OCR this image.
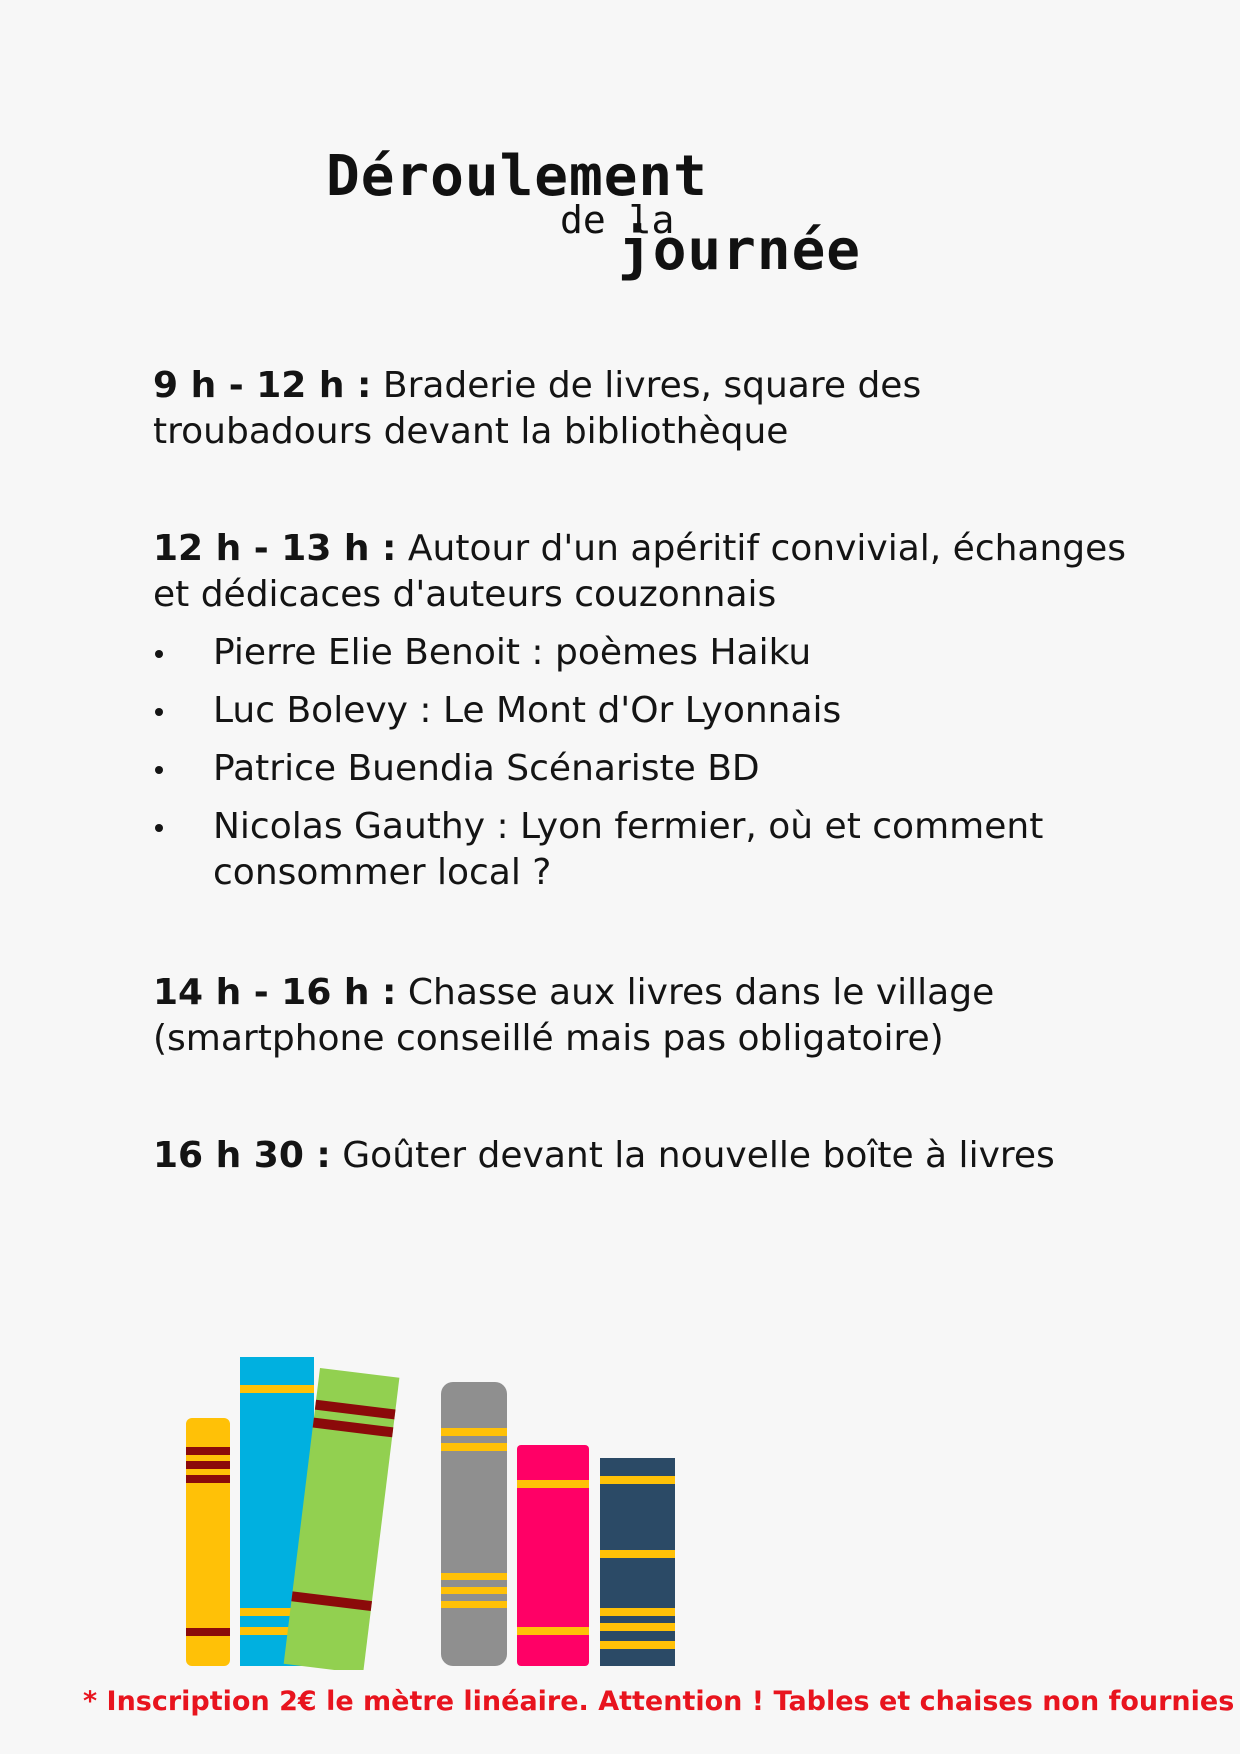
Déroulement
de la
journée
9 h - 12 h : Braderie de livres, square des troubadours devant la bibliothèque
12 h - 13 h : Autour d'un apéritif convivial, échanges et dédicaces d'auteurs couzonnais
Pierre Elie Benoit : poèmes Haiku
Luc Bolevy : Le Mont d'Or Lyonnais
Patrice Buendia Scénariste BD
Nicolas Gauthy : Lyon fermier, où et comment consommer local ?
14 h - 16 h : Chasse aux livres dans le village (smartphone conseillé mais pas obligatoire)
16 h 30 : Goûter devant la nouvelle boîte à livres
* Inscription 2€ le mètre linéaire. Attention ! Tables et chaises non fournies
